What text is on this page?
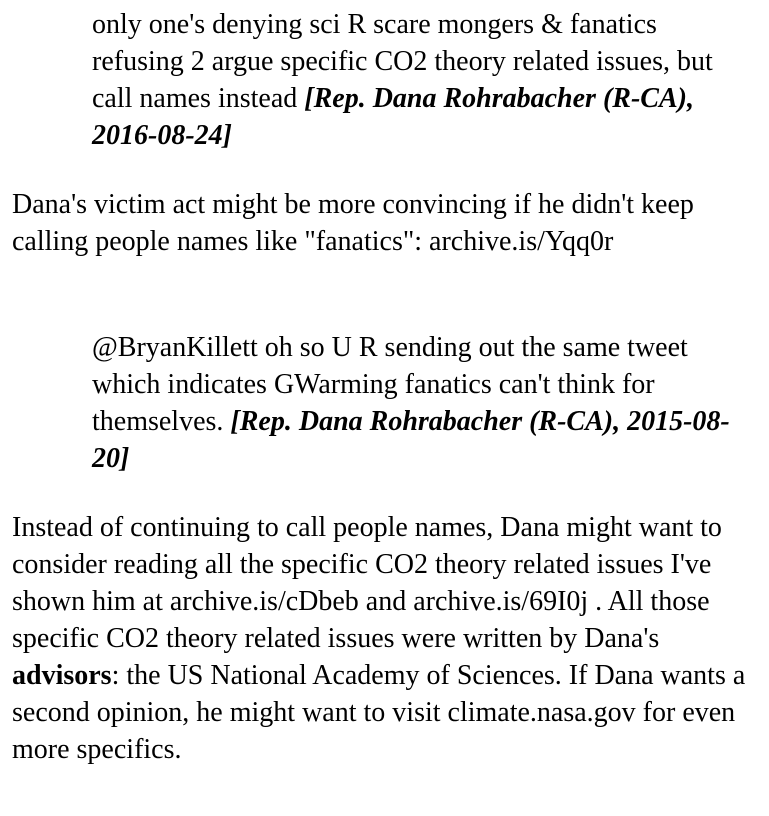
only one's denying sci R scare mongers & fanatics refusing 2 argue specific CO2 theory related issues, but call names instead [Rep. Dana Rohrabacher (R-CA), 2016-08-24]

Dana's victim act might be more convincing if he didn't keep calling people names like "fanatics": archive.is/Yqq0r

@BryanKillett oh so U R sending out the same tweet which indicates GWarming fanatics can't think for themselves. [Rep. Dana Rohrabacher (R-CA), 2015-08-20]

Instead of continuing to call people names, Dana might want to consider reading all the specific CO2 theory related issues I've shown him at archive.is/cDbeb and archive.is/69I0j . All those specific CO2 theory related issues were written by Dana's advisors: the US National Academy of Sciences. If Dana wants a second opinion, he might want to visit climate.nasa.gov for even more specifics.
